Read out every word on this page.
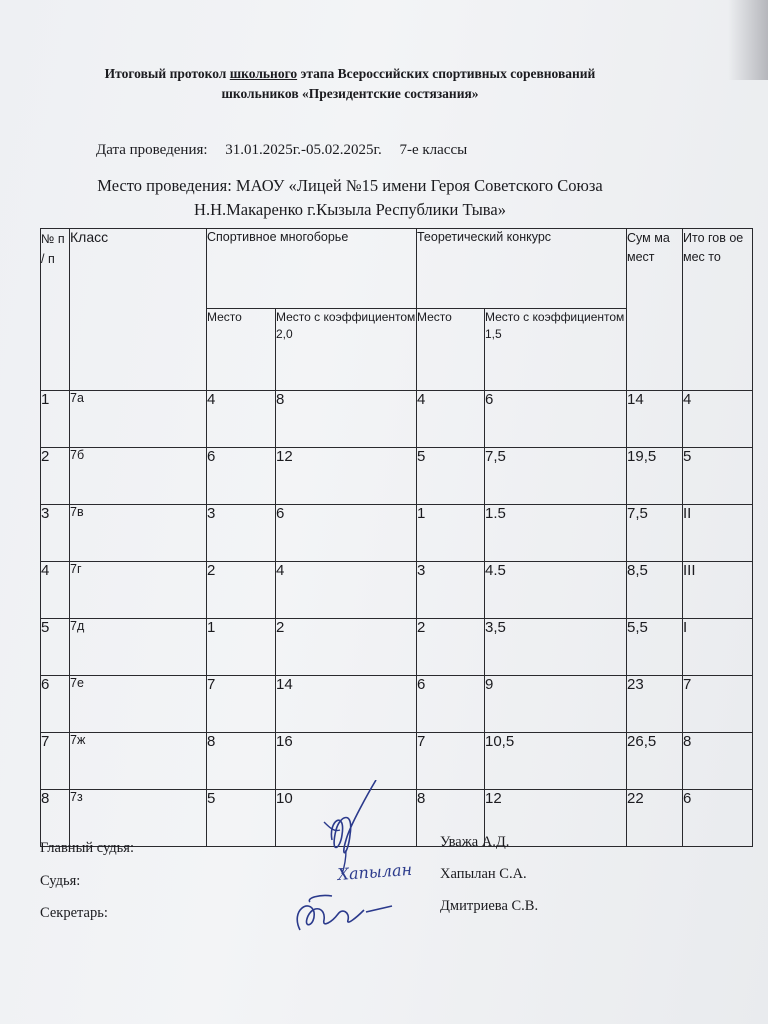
Итоговый протокол школьного этапа Всероссийских спортивных соревнований
школьников «Президентские состязания»
Дата проведения: 31.01.2025г.-05.02.2025г. 7-е классы
Место проведения: МАОУ «Лицей №15 имени Героя Советского Союза
Н.Н.Макаренко г.Кызыла Республики Тыва»
№ п / п	Класс	Спортивное многоборье		Теоретический конкурс		Сум ма мест	Ито гов ое мес то
		Место	Место с коэффициентом 2,0	Место	Место с коэффициентом 1,5		
1	7а	4	8	4	6	14	4
2	7б	6	12	5	7,5	19,5	5
3	7в	3	6	1	1.5	7,5	II
4	7г	2	4	3	4.5	8,5	III
5	7д	1	2	2	3,5	5,5	I
6	7е	7	14	6	9	23	7
7	7ж	8	16	7	10,5	26,5	8
8	7з	5	10	8	12	22	6
Главный судья:
Судья:
Секретарь:
Хапылан
Уважа А.Д.
Хапылан С.А.
Дмитриева С.В.
